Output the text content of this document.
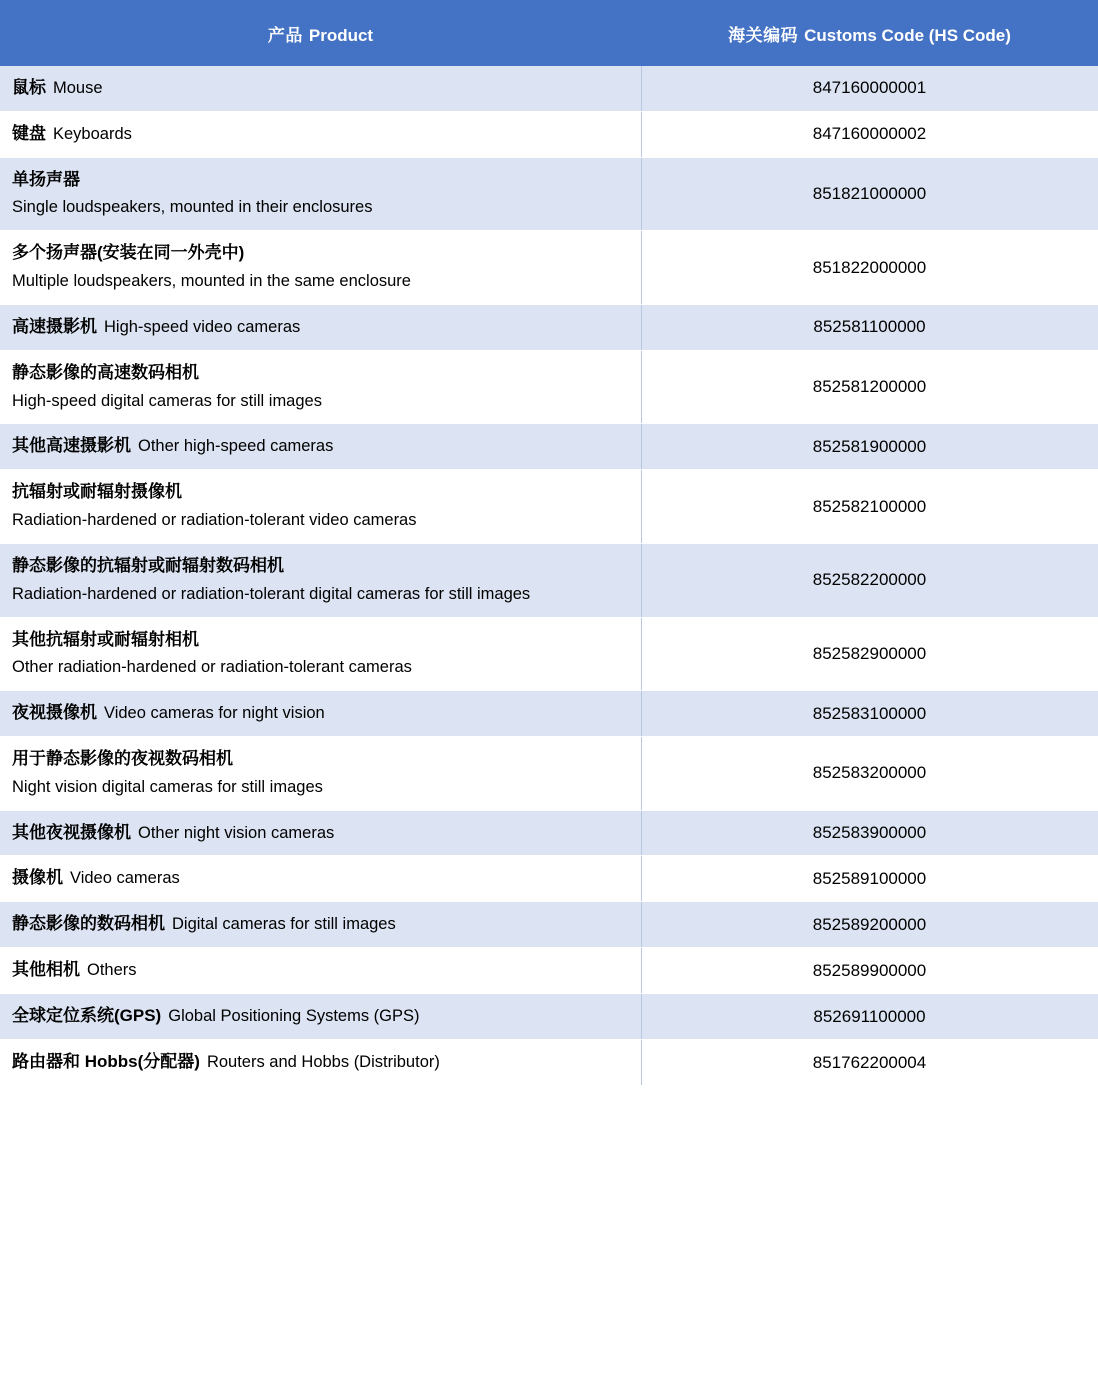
产品 Product	海关编码 Customs Code (HS Code)
鼠标 Mouse	847160000001
键盘 Keyboards	847160000002

单扬声器
Single loudspeakers, mounted in their enclosures	851821000000

多个扬声器(安装在同一外壳中)
Multiple loudspeakers, mounted in the same enclosure	851822000000
高速摄影机 High-speed video cameras	852581100000

静态影像的高速数码相机
High-speed digital cameras for still images	852581200000
其他高速摄影机 Other high-speed cameras	852581900000

抗辐射或耐辐射摄像机
Radiation-hardened or radiation-tolerant video cameras	852582100000

静态影像的抗辐射或耐辐射数码相机
Radiation-hardened or radiation-tolerant digital cameras for still images	852582200000

其他抗辐射或耐辐射相机
Other radiation-hardened or radiation-tolerant cameras	852582900000
夜视摄像机 Video cameras for night vision	852583100000

用于静态影像的夜视数码相机
Night vision digital cameras for still images	852583200000
其他夜视摄像机 Other night vision cameras	852583900000
摄像机 Video cameras	852589100000
静态影像的数码相机 Digital cameras for still images	852589200000
其他相机 Others	852589900000
全球定位系统(GPS) Global Positioning Systems (GPS)	852691100000
路由器和 Hobbs(分配器) Routers and Hobbs (Distributor)	851762200004
